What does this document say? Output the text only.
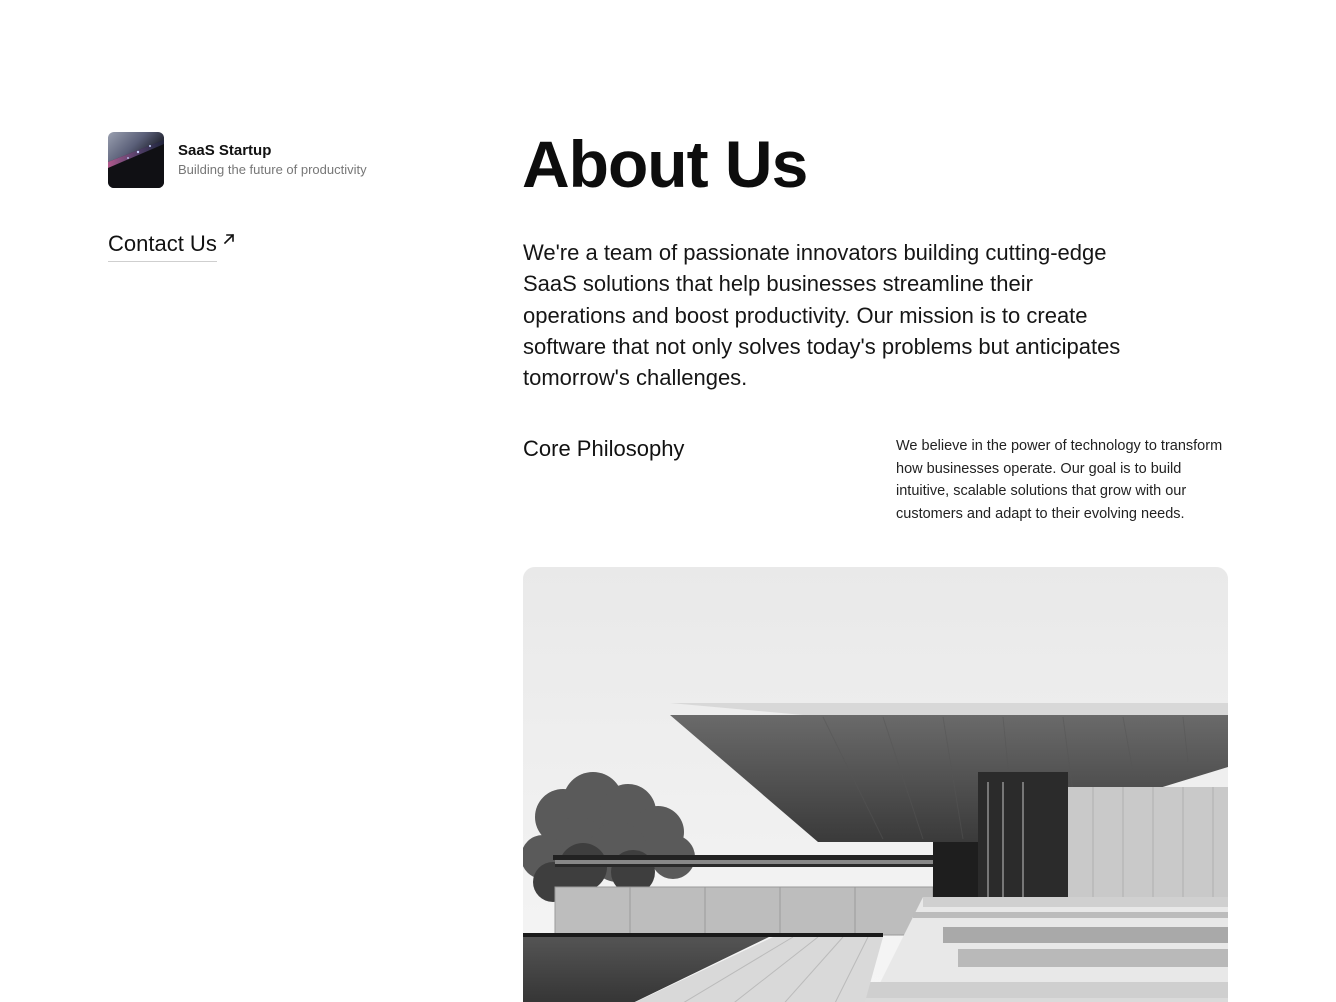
SaaS Startup
Building the future of productivity
Contact Us
About Us

We're a team of passionate innovators building cutting-edge SaaS solutions that help businesses streamline their operations and boost productivity. Our mission is to create software that not only solves today's problems but anticipates tomorrow's challenges.

Core Philosophy	We believe in the power of technology to transform how businesses operate. Our goal is to build intuitive, scalable solutions that grow with our customers and adapt to their evolving needs.
